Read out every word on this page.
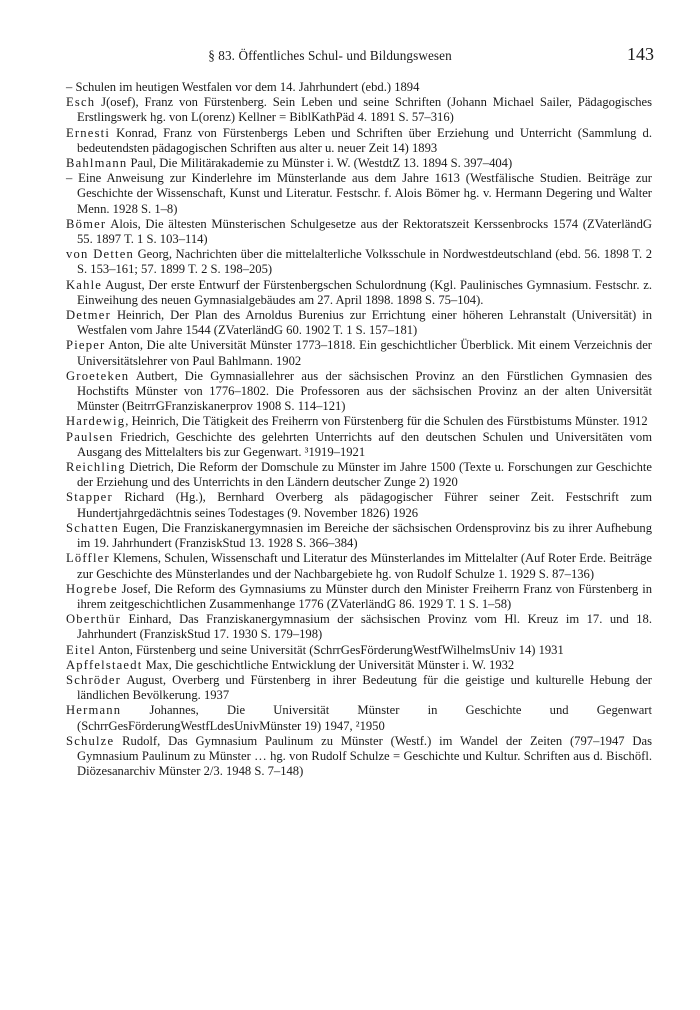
§ 83. Öffentliches Schul- und Bildungswesen	143

– Schulen im heutigen Westfalen vor dem 14. Jahrhundert (ebd.) 1894

Esch J(osef), Franz von Fürstenberg. Sein Leben und seine Schriften (Johann Michael Sailer, Pädagogisches Erstlingswerk hg. von L(orenz) Kellner = BiblKathPäd 4. 1891 S. 57–316)

Ernesti Konrad, Franz von Fürstenbergs Leben und Schriften über Erziehung und Unterricht (Sammlung d. bedeutendsten pädagogischen Schriften aus alter u. neuer Zeit 14) 1893

Bahlmann Paul, Die Militärakademie zu Münster i. W. (WestdtZ 13. 1894 S. 397–404)

– Eine Anweisung zur Kinderlehre im Münsterlande aus dem Jahre 1613 (Westfälische Studien. Beiträge zur Geschichte der Wissenschaft, Kunst und Literatur. Festschr. f. Alois Bömer hg. v. Hermann Degering und Walter Menn. 1928 S. 1–8)

Bömer Alois, Die ältesten Münsterischen Schulgesetze aus der Rektoratszeit Kerssenbrocks 1574 (ZVaterländG 55. 1897 T. 1 S. 103–114)

von Detten Georg, Nachrichten über die mittelalterliche Volksschule in Nordwestdeutschland (ebd. 56. 1898 T. 2 S. 153–161; 57. 1899 T. 2 S. 198–205)

Kahle August, Der erste Entwurf der Fürstenbergschen Schulordnung (Kgl. Paulinisches Gymnasium. Festschr. z. Einweihung des neuen Gymnasialgebäudes am 27. April 1898. 1898 S. 75–104).

Detmer Heinrich, Der Plan des Arnoldus Burenius zur Errichtung einer höheren Lehranstalt (Universität) in Westfalen vom Jahre 1544 (ZVaterländG 60. 1902 T. 1 S. 157–181)

Pieper Anton, Die alte Universität Münster 1773–1818. Ein geschichtlicher Überblick. Mit einem Verzeichnis der Universitätslehrer von Paul Bahlmann. 1902

Groeteken Autbert, Die Gymnasiallehrer aus der sächsischen Provinz an den Fürstlichen Gymnasien des Hochstifts Münster von 1776–1802. Die Professoren aus der sächsischen Provinz an der alten Universität Münster (BeitrrGFranziskanerprov 1908 S. 114–121)

Hardewig, Heinrich, Die Tätigkeit des Freiherrn von Fürstenberg für die Schulen des Fürstbistums Münster. 1912

Paulsen Friedrich, Geschichte des gelehrten Unterrichts auf den deutschen Schulen und Universitäten vom Ausgang des Mittelalters bis zur Gegenwart. ³1919–1921

Reichling Dietrich, Die Reform der Domschule zu Münster im Jahre 1500 (Texte u. Forschungen zur Geschichte der Erziehung und des Unterrichts in den Ländern deutscher Zunge 2) 1920

Stapper Richard (Hg.), Bernhard Overberg als pädagogischer Führer seiner Zeit. Festschrift zum Hundertjahrgedächtnis seines Todestages (9. November 1826) 1926

Schatten Eugen, Die Franziskanergymnasien im Bereiche der sächsischen Ordensprovinz bis zu ihrer Aufhebung im 19. Jahrhundert (FranziskStud 13. 1928 S. 366–384)

Löffler Klemens, Schulen, Wissenschaft und Literatur des Münsterlandes im Mittelalter (Auf Roter Erde. Beiträge zur Geschichte des Münsterlandes und der Nachbargebiete hg. von Rudolf Schulze 1. 1929 S. 87–136)

Hogrebe Josef, Die Reform des Gymnasiums zu Münster durch den Minister Freiherrn Franz von Fürstenberg in ihrem zeitgeschichtlichen Zusammenhange 1776 (ZVaterländG 86. 1929 T. 1 S. 1–58)

Oberthür Einhard, Das Franziskanergymnasium der sächsischen Provinz vom Hl. Kreuz im 17. und 18. Jahrhundert (FranziskStud 17. 1930 S. 179–198)

Eitel Anton, Fürstenberg und seine Universität (SchrrGesFörderungWestfWilhelmsUniv 14) 1931

Apffelstaedt Max, Die geschichtliche Entwicklung der Universität Münster i. W. 1932

Schröder August, Overberg und Fürstenberg in ihrer Bedeutung für die geistige und kulturelle Hebung der ländlichen Bevölkerung. 1937

Hermann Johannes, Die Universität Münster in Geschichte und Gegenwart (SchrrGesFörderungWestfLdesUnivMünster 19) 1947, ²1950

Schulze Rudolf, Das Gymnasium Paulinum zu Münster (Westf.) im Wandel der Zeiten (797–1947 Das Gymnasium Paulinum zu Münster … hg. von Rudolf Schulze = Geschichte und Kultur. Schriften aus d. Bischöfl. Diözesanarchiv Münster 2/3. 1948 S. 7–148)
